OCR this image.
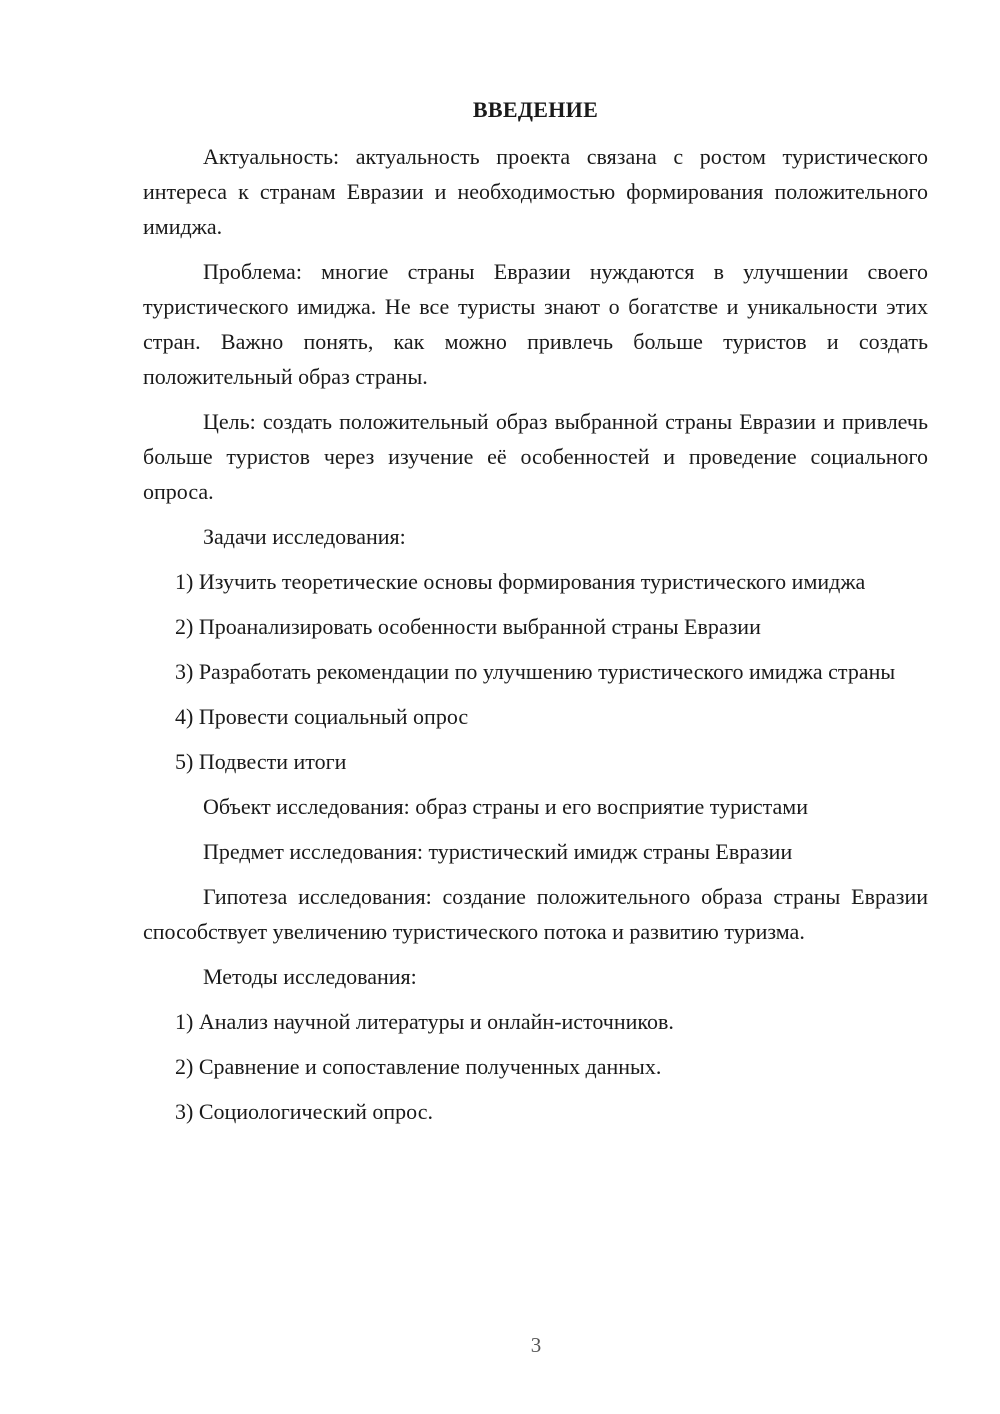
ВВЕДЕНИЕ

Актуальность: актуальность проекта связана с ростом туристического интереса к странам Евразии и необходимостью формирования положительного имиджа.

Проблема: многие страны Евразии нуждаются в улучшении своего туристического имиджа. Не все туристы знают о богатстве и уникальности этих стран. Важно понять, как можно привлечь больше туристов и создать положительный образ страны.

Цель: создать положительный образ выбранной страны Евразии и привлечь больше туристов через изучение её особенностей и проведение социального опроса.

Задачи исследования:

1) Изучить теоретические основы формирования туристического имиджа

2) Проанализировать особенности выбранной страны Евразии

3) Разработать рекомендации по улучшению туристического имиджа страны

4) Провести социальный опрос

5) Подвести итоги

Объект исследования: образ страны и его восприятие туристами

Предмет исследования: туристический имидж страны Евразии

Гипотеза исследования: создание положительного образа страны Евразии способствует увеличению туристического потока и развитию туризма.

Методы исследования:

1) Анализ научной литературы и онлайн-источников.

2) Сравнение и сопоставление полученных данных.

3) Социологический опрос.

3
